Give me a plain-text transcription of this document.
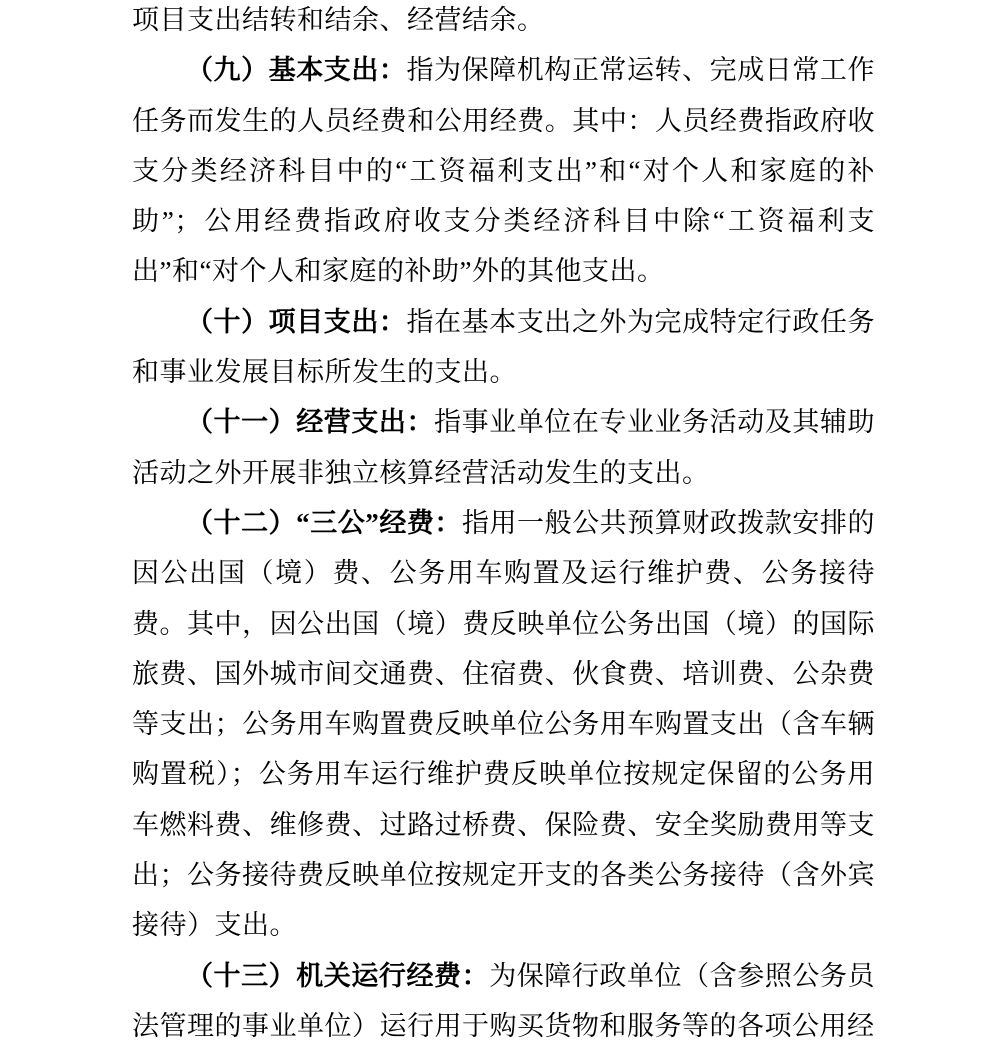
项目支出结转和结余、经营结余。

（九）基本支出：指为保障机构正常运转、完成日常工作任务而发生的人员经费和公用经费。其中：人员经费指政府收支分类经济科目中的“工资福利支出”和“对个人和家庭的补助”；公用经费指政府收支分类经济科目中除“工资福利支出”和“对个人和家庭的补助”外的其他支出。

（十）项目支出：指在基本支出之外为完成特定行政任务和事业发展目标所发生的支出。

（十一）经营支出：指事业单位在专业业务活动及其辅助活动之外开展非独立核算经营活动发生的支出。

（十二）“三公”经费：指用一般公共预算财政拨款安排的因公出国（境）费、公务用车购置及运行维护费、公务接待费。其中，因公出国（境）费反映单位公务出国（境）的国际旅费、国外城市间交通费、住宿费、伙食费、培训费、公杂费等支出；公务用车购置费反映单位公务用车购置支出（含车辆购置税）；公务用车运行维护费反映单位按规定保留的公务用车燃料费、维修费、过路过桥费、保险费、安全奖励费用等支出；公务接待费反映单位按规定开支的各类公务接待（含外宾接待）支出。

（十三）机关运行经费：为保障行政单位（含参照公务员法管理的事业单位）运行用于购买货物和服务等的各项公用经
